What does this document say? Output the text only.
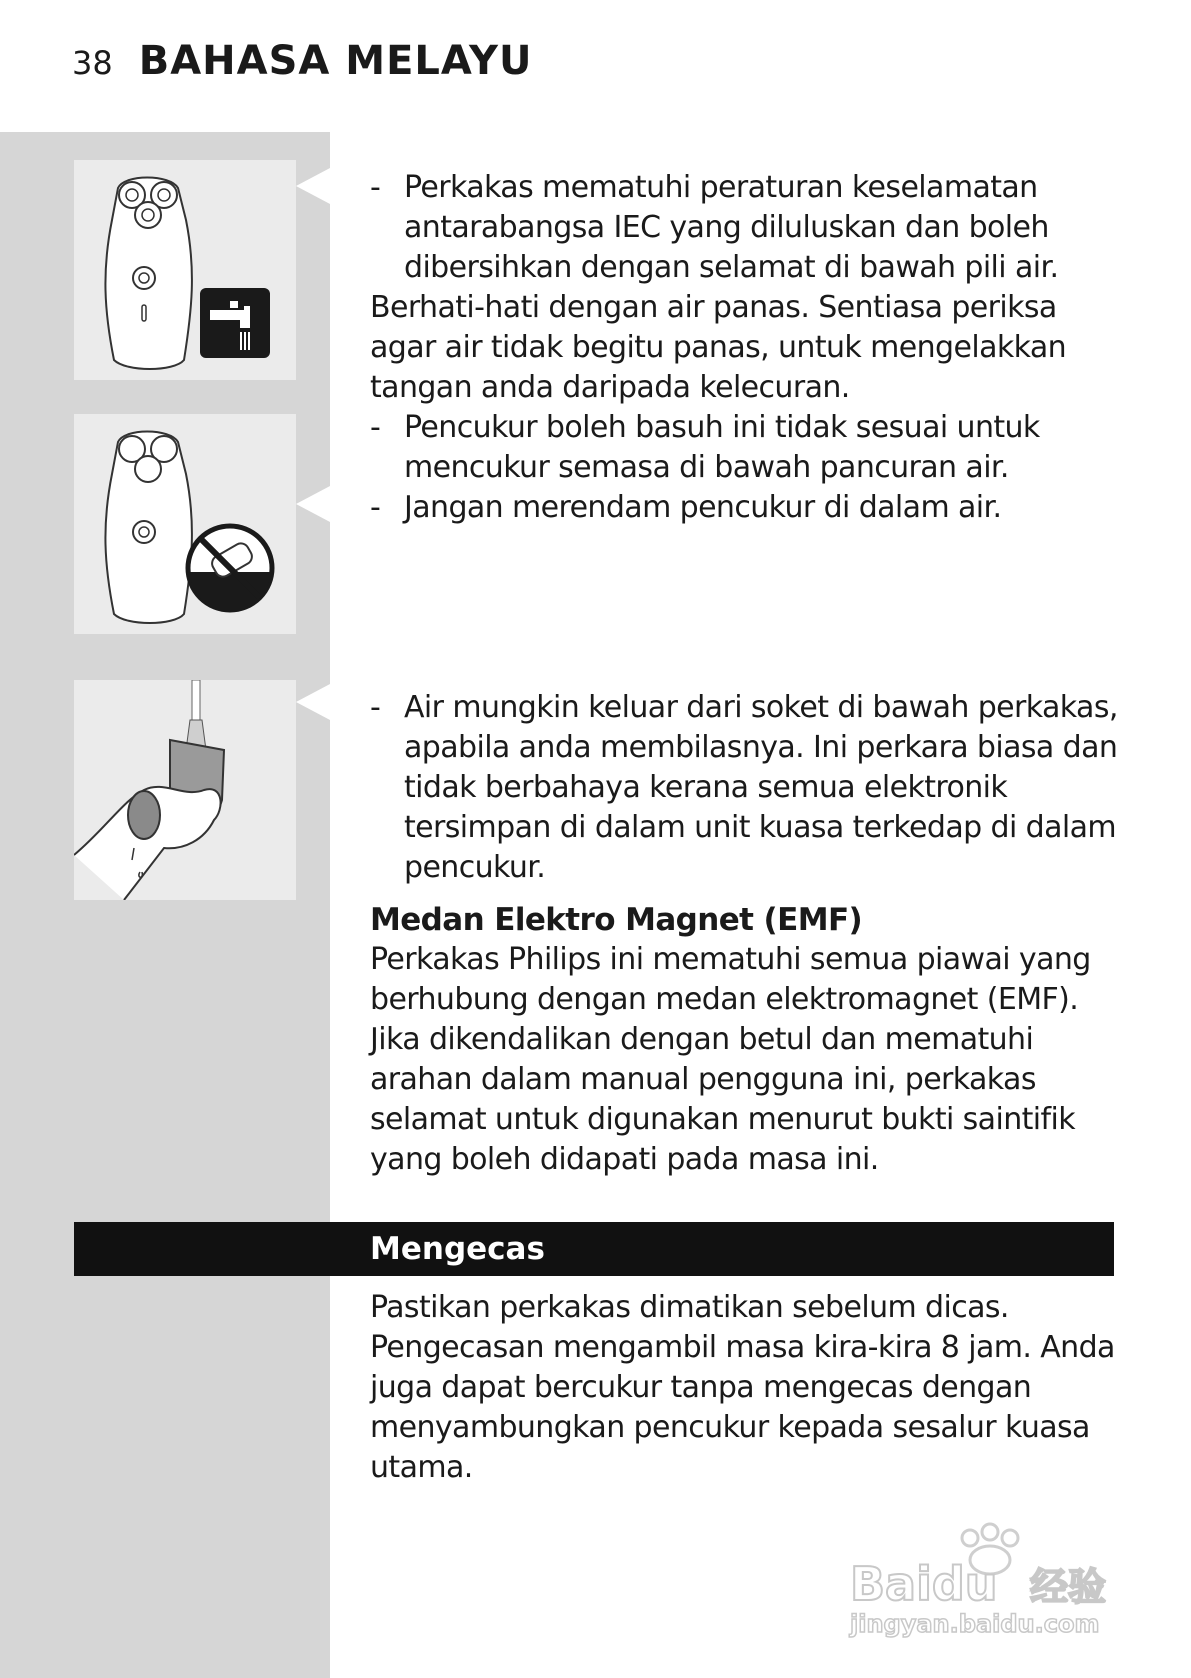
38 BAHASA MELAYU
- Perkakas mematuhi peraturan keselamatan antarabangsa IEC yang diluluskan dan boleh dibersihkan dengan selamat di bawah pili air.

Berhati-hati dengan air panas. Sentiasa periksa agar air tidak begitu panas, untuk mengelakkan tangan anda daripada kelecuran.

- Pencukur boleh basuh ini tidak sesuai untuk mencukur semasa di bawah pancuran air.
- Jangan merendam pencukur di dalam air.
- Air mungkin keluar dari soket di bawah perkakas, apabila anda membilasnya. Ini perkara biasa dan tidak berbahaya kerana semua elektronik tersimpan di dalam unit kuasa terkedap di dalam pencukur.
Medan Elektro Magnet (EMF)

Perkakas Philips ini mematuhi semua piawai yang berhubung dengan medan elektromagnet (EMF). Jika dikendalikan dengan betul dan mematuhi arahan dalam manual pengguna ini, perkakas selamat untuk digunakan menurut bukti saintifik yang boleh didapati pada masa ini.

Mengecas

Pastikan perkakas dimatikan sebelum dicas. Pengecasan mengambil masa kira-kira 8 jam. Anda juga dapat bercukur tanpa mengecas dengan menyambungkan pencukur kepada sesalur kuasa utama.

Baidu 经验
jingyan.baidu.com
